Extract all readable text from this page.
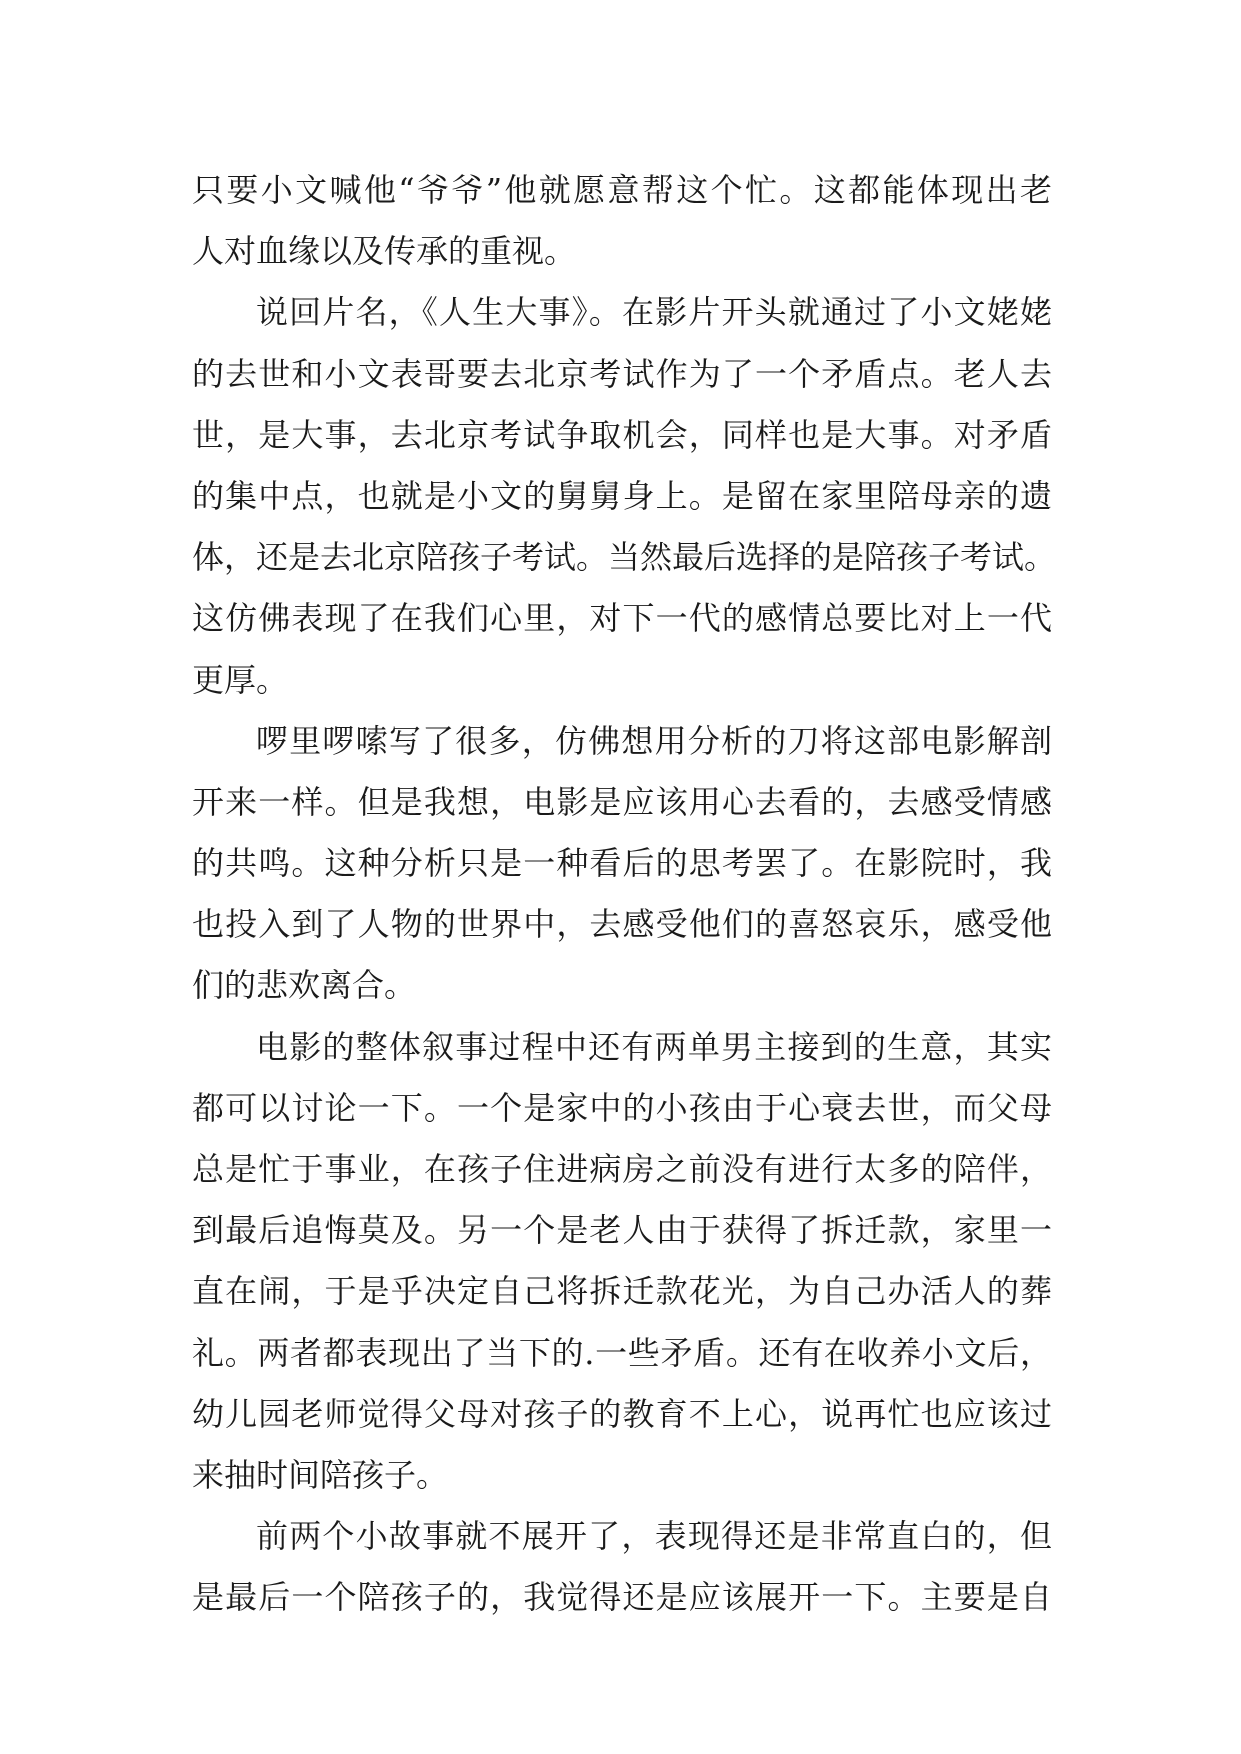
只要小文喊他“爷爷”他就愿意帮这个忙。这都能体现出老
人对血缘以及传承的重视。
说回片名，《人生大事》。在影片开头就通过了小文姥姥
的去世和小文表哥要去北京考试作为了一个矛盾点。老人去
世，是大事，去北京考试争取机会，同样也是大事。对矛盾
的集中点，也就是小文的舅舅身上。是留在家里陪母亲的遗
体，还是去北京陪孩子考试。当然最后选择的是陪孩子考试。
这仿佛表现了在我们心里，对下一代的感情总要比对上一代
更厚。
啰里啰嗦写了很多，仿佛想用分析的刀将这部电影解剖
开来一样。但是我想，电影是应该用心去看的，去感受情感
的共鸣。这种分析只是一种看后的思考罢了。在影院时，我
也投入到了人物的世界中，去感受他们的喜怒哀乐，感受他
们的悲欢离合。
电影的整体叙事过程中还有两单男主接到的生意，其实
都可以讨论一下。一个是家中的小孩由于心衰去世，而父母
总是忙于事业，在孩子住进病房之前没有进行太多的陪伴，
到最后追悔莫及。另一个是老人由于获得了拆迁款，家里一
直在闹，于是乎决定自己将拆迁款花光，为自己办活人的葬
礼。两者都表现出了当下的.一些矛盾。还有在收养小文后，
幼儿园老师觉得父母对孩子的教育不上心，说再忙也应该过
来抽时间陪孩子。
前两个小故事就不展开了，表现得还是非常直白的，但
是最后一个陪孩子的，我觉得还是应该展开一下。主要是自
